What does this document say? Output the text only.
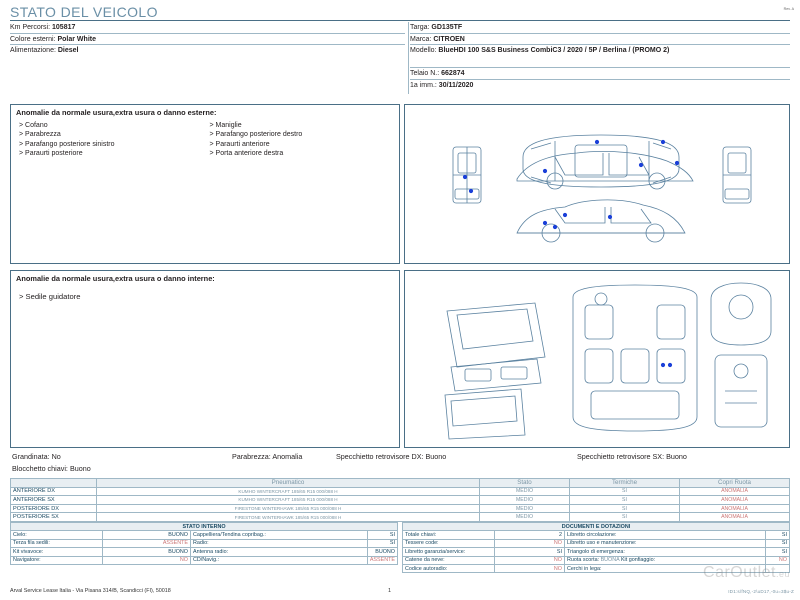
STATO DEL VEICOLO	Rev. A
Km Percorsi: 105817
Colore esterni: Polar White
Alimentazione: Diesel
Targa: GD135TF
Marca: CITROEN
Modello: BlueHDI 100 S&S Business CombiC3 / 2020 / 5P / Berlina / (PROMO 2)
Telaio N.: 662874
1a imm.: 30/11/2020
Anomalie da normale usura,extra usura o danno esterne:
> Cofano
> Parabrezza
> Parafango posteriore sinistro
> Paraurti posteriore
> Maniglie
> Parafango posteriore destro
> Paraurti anteriore
> Porta anteriore destra
Anomalie da normale usura,extra usura o danno interne:
> Sedile guidatore
Grandinata: No	Parabrezza: Anomalia	Specchietto retrovisore DX: Buono	Specchietto retrovisore SX: Buono
Blocchetto chiavi: Buono
	Pneumatico	Stato	Termiche	Copri Ruota
ANTERIORE DX	KUMHO WINTERCRAFT 185/65 R15 000/088 H	MEDIO	SI	ANOMALIA
ANTERIORE SX	KUMHO WINTERCRAFT 185/65 R15 000/088 H	MEDIO	SI	ANOMALIA
POSTERIORE DX	FIRESTONE WINTERHAWK 185/65 R15 000/088 H	MEDIO	SI	ANOMALIA
POSTERIORE SX	FIRESTONE WINTERHAWK 185/65 R15 000/088 H	MEDIO	SI	ANOMALIA
STATO INTERNO			
Cielo:	BUONO	Cappelliera/Tendina copribag.:	SI
Terza fila sedili:	ASSENTE	Radio:	SI
Kit vivavoce:	BUONO	Antenna radio:	BUONO
Navigatore:	NO	CD/Navig.:	ASSENTE
DOCUMENTI E DOTAZIONI			
Totale chiavi:	2	Libretto circolazione:	SI
Tessere code:	NO	Libretto uso e manutenzione:	SI
Libretto garanzia/service:	SI	Triangolo di emergenza:	SI
Catene da neve:	NO	Ruota scorta: BUONA Kit gonfiaggio:	NO
Codice autoradio:	NO	Cerchi in lega:	
Arval Service Lease Italia - Via Pisana 314/B, Scandicci (FI), 50018	1	ID1:s/fNQ,-2\uD17,-0u=3$u-Z
CarOutlet.eu
